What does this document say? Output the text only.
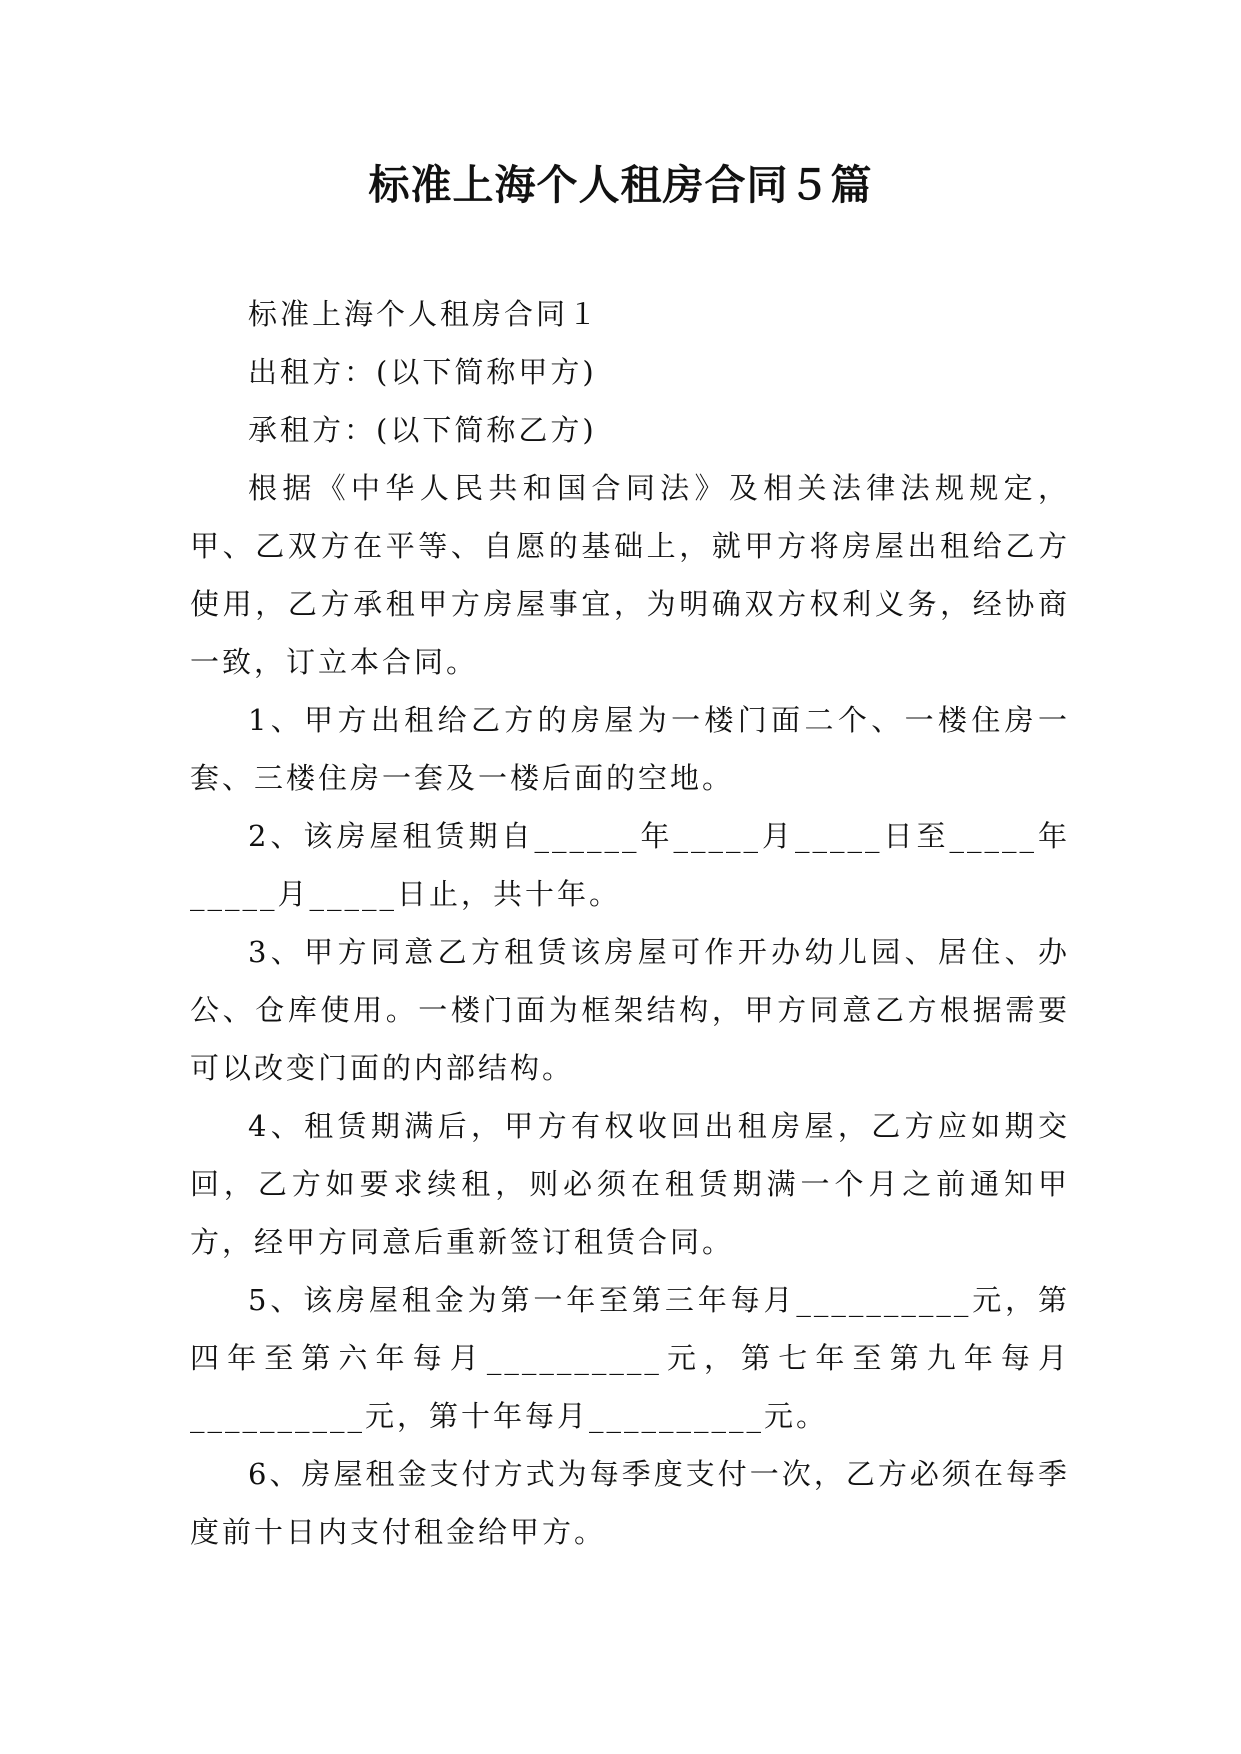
标准上海个人租房合同５篇

标准上海个人租房合同１

出租方：(以下简称甲方)

承租方：(以下简称乙方)

根据《中华人民共和国合同法》及相关法律法规规定，甲、乙双方在平等、自愿的基础上，就甲方将房屋出租给乙方使用，乙方承租甲方房屋事宜，为明确双方权利义务，经协商一致，订立本合同。

1、甲方出租给乙方的房屋为一楼门面二个、一楼住房一套、三楼住房一套及一楼后面的空地。

2、该房屋租赁期自______年_____月_____日至_____年_____月_____日止，共十年。

3、甲方同意乙方租赁该房屋可作开办幼儿园、居住、办公、仓库使用。一楼门面为框架结构，甲方同意乙方根据需要可以改变门面的内部结构。

4、租赁期满后，甲方有权收回出租房屋，乙方应如期交回，乙方如要求续租，则必须在租赁期满一个月之前通知甲方，经甲方同意后重新签订租赁合同。

5、该房屋租金为第一年至第三年每月__________元，第四年至第六年每月__________元，第七年至第九年每月__________元，第十年每月__________元。

6、房屋租金支付方式为每季度支付一次，乙方必须在每季度前十日内支付租金给甲方。
